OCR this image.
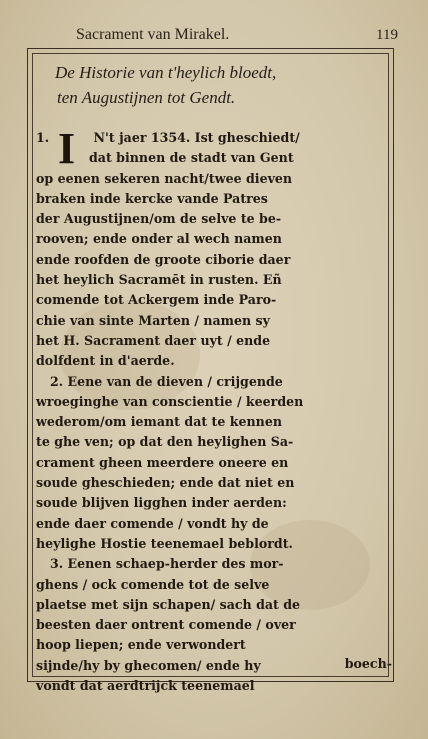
Sacrament van Mirakel.	119
De Historie van t'heylich bloedt,
ten Augustijnen tot Gendt.
I
1.	N't jaer 1354. Ist gheschiedt/
dat binnen de stadt van Gent
op eenen sekeren nacht/twee dieven
braken inde kercke vande Patres
der Augustijnen/om de selve te be-
rooven; ende onder al wech namen
ende roofden de groote ciborie daer
het heylich Sacramēt in rusten. Eñ
comende tot Ackergem inde Paro-
chie van sinte Marten / namen sy
het H. Sacrament daer uyt / ende
dolfdent in d'aerde.
2. Eene van de dieven / crijgende
wroeginghe van conscientie / keerden
wederom/om iemant dat te kennen
te ghe ven; op dat den heylighen Sa-
crament gheen meerdere oneere en
soude gheschieden; ende dat niet en
soude blijven ligghen inder aerden:
ende daer comende / vondt hy de
heylighe Hostie teenemael beblordt.
3. Eenen schaep-herder des mor-
ghens / ock comende tot de selve
plaetse met sijn schapen/ sach dat de
beesten daer ontrent comende / over
hoop liepen; ende verwondert
sijnde/hy by ghecomen/ ende hy
vondt dat aerdtrijck teenemael
boech-
